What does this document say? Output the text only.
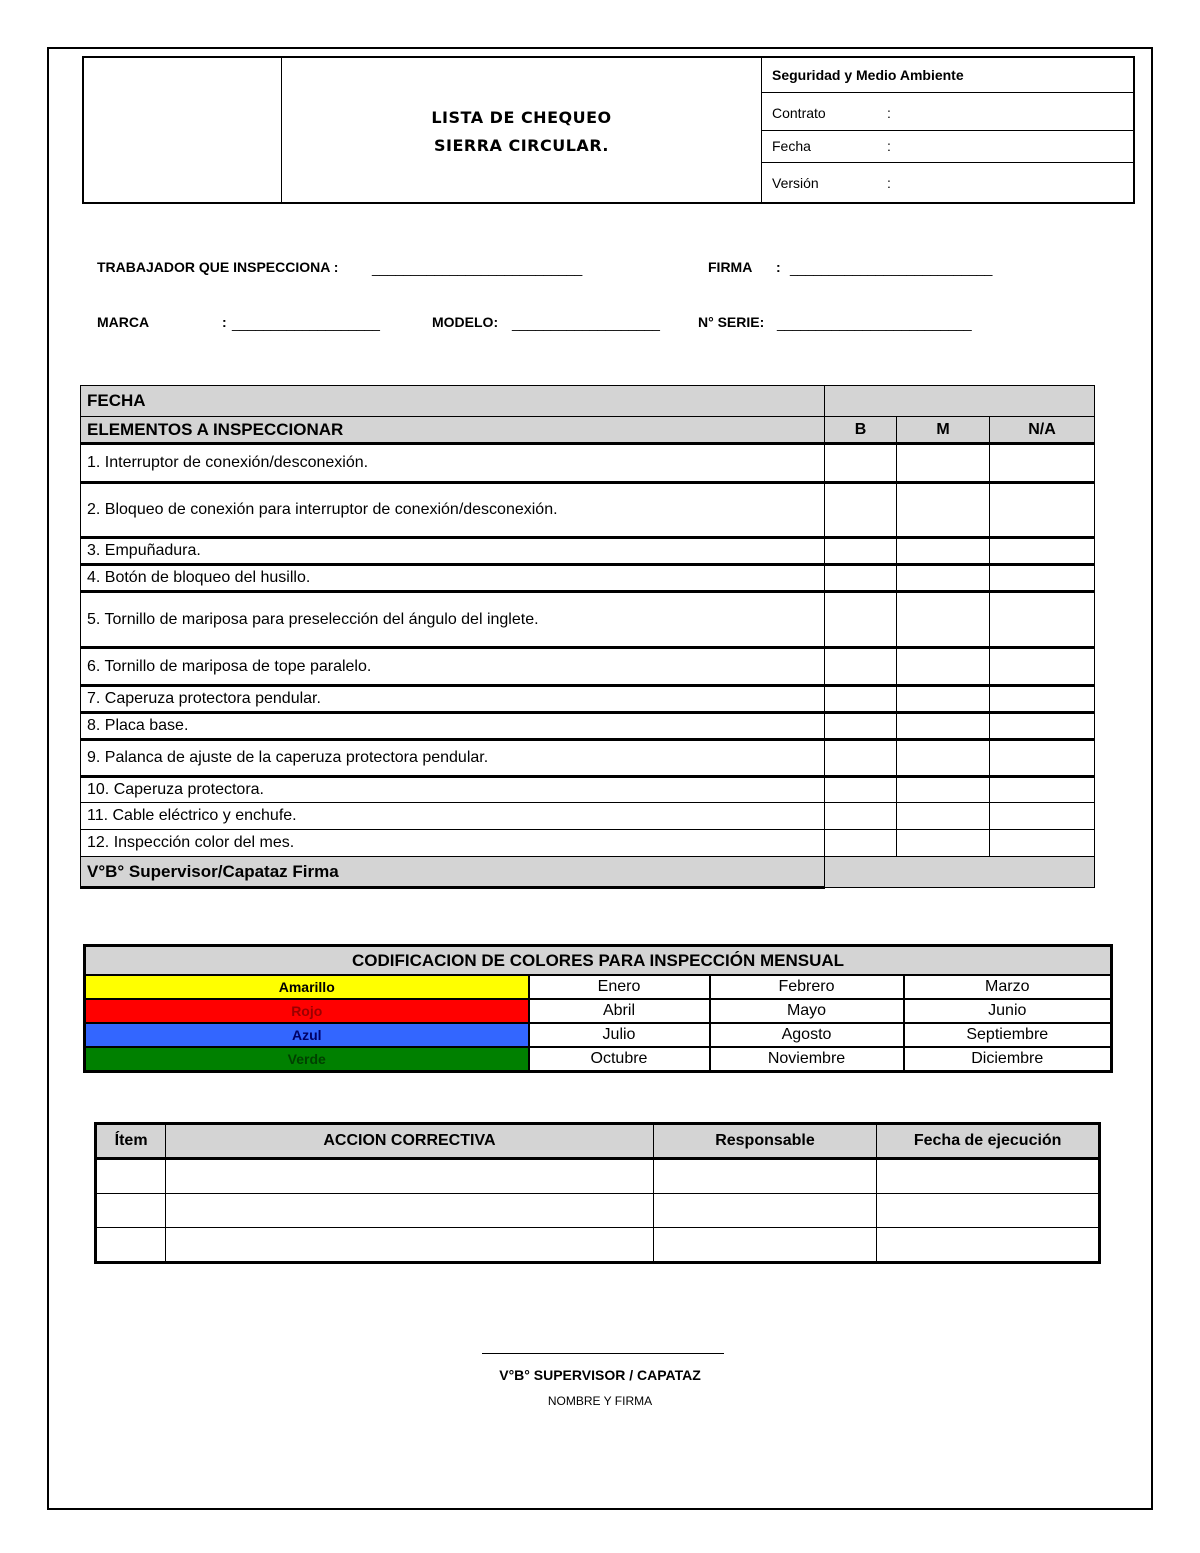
LISTA DE CHEQUEO
SIERRA CIRCULAR.
Seguridad y Medio Ambiente
Contrato	:
Fecha	:
Versión	:
TRABAJADOR QUE INSPECCIONA : ___________________________	FIRMA : __________________________
MARCA	: ___________________	MODELO: ___________________	N° SERIE: _________________________
FECHA			
ELEMENTOS A INSPECCIONAR	B	M	N/A
1. Interruptor de conexión/desconexión.			
2. Bloqueo de conexión para interruptor de conexión/desconexión.			
3. Empuñadura.			
4. Botón de bloqueo del husillo.			
5. Tornillo de mariposa para preselección del ángulo del inglete.			
6. Tornillo de mariposa de tope paralelo.			
7. Caperuza protectora pendular.			
8. Placa base.			
9. Palanca de ajuste de la caperuza protectora pendular.			
10. Caperuza protectora.			
11. Cable eléctrico y enchufe.			
12. Inspección color del mes.			
V°B° Supervisor/Capataz Firma			
CODIFICACION DE COLORES PARA INSPECCIÓN MENSUAL			
Amarillo	Enero	Febrero	Marzo
Rojo	Abril	Mayo	Junio
Azul	Julio	Agosto	Septiembre
Verde	Octubre	Noviembre	Diciembre
Ítem	ACCION CORRECTIVA	Responsable	Fecha de ejecución

V°B° SUPERVISOR / CAPATAZ
NOMBRE Y FIRMA
